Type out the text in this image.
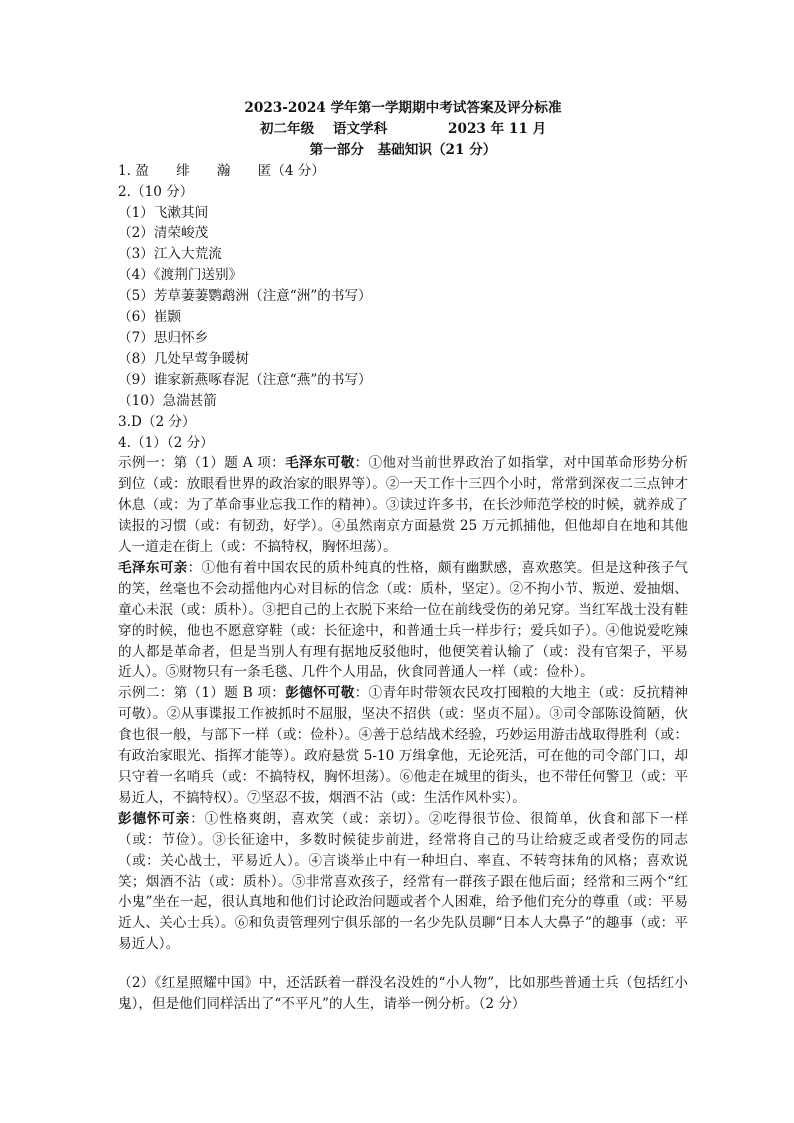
2023-2024 学年第一学期期中考试答案及评分标准
初二年级 语文学科	2023 年 11 月
第一部分　基础知识（21 分）
1. 盈　　绯　　瀚　　匿（4 分）
2.（10 分）
（1）飞漱其间
（2）清荣峻茂
（3）江入大荒流
（4）《渡荆门送别》
（5）芳草萋萋鹦鹉洲（注意“洲”的书写）
（6）崔颢
（7）思归怀乡
（8）几处早莺争暖树
（9）谁家新燕啄春泥（注意“燕”的书写）
（10）急湍甚箭
3.D（2 分）
4.（1）（2 分）
示例一：第（1）题 A 项：毛泽东可敬：①他对当前世界政治了如指掌，对中国革命形势分析到位（或：放眼看世界的政治家的眼界等）。②一天工作十三四个小时，常常到深夜二三点钟才休息（或：为了革命事业忘我工作的精神）。③读过许多书，在长沙师范学校的时候，就养成了读报的习惯（或：有韧劲，好学）。④虽然南京方面悬赏 25 万元抓捕他，但他却自在地和其他人一道走在街上（或：不搞特权，胸怀坦荡）。
毛泽东可亲：①他有着中国农民的质朴纯真的性格，颇有幽默感，喜欢憨笑。但是这种孩子气的笑，丝毫也不会动摇他内心对目标的信念（或：质朴，坚定）。②不拘小节、叛逆、爱抽烟、童心未泯（或：质朴）。③把自己的上衣脱下来给一位在前线受伤的弟兄穿。当红军战士没有鞋穿的时候，他也不愿意穿鞋（或：长征途中，和普通士兵一样步行；爱兵如子）。④他说爱吃辣的人都是革命者，但是当别人有理有据地反驳他时，他便笑着认输了（或：没有官架子，平易近人）。⑤财物只有一条毛毯、几件个人用品，伙食同普通人一样（或：俭朴）。
示例二：第（1）题 B 项：彭德怀可敬：①青年时带领农民攻打囤粮的大地主（或：反抗精神可敬）。②从事谍报工作被抓时不屈服，坚决不招供（或：坚贞不屈）。③司令部陈设简陋，伙食也很一般，与部下一样（或：俭朴）。④善于总结战术经验，巧妙运用游击战取得胜利（或：有政治家眼光、指挥才能等）。政府悬赏 5-10 万缉拿他，无论死活，可在他的司令部门口，却只守着一名哨兵（或：不搞特权，胸怀坦荡）。⑥他走在城里的街头，也不带任何警卫（或：平易近人，不搞特权）。⑦坚忍不拔，烟酒不沾（或：生活作风朴实）。
彭德怀可亲：①性格爽朗，喜欢笑（或：亲切）。②吃得很节俭、很简单，伙食和部下一样（或：节俭）。③长征途中，多数时候徒步前进，经常将自己的马让给疲乏或者受伤的同志（或：关心战士，平易近人）。④言谈举止中有一种坦白、率直、不转弯抹角的风格；喜欢说笑；烟酒不沾（或：质朴）。⑤非常喜欢孩子，经常有一群孩子跟在他后面；经常和三两个“红小鬼”坐在一起，很认真地和他们讨论政治问题或者个人困难，给予他们充分的尊重（或：平易近人、关心士兵）。⑥和负责管理列宁俱乐部的一名少先队员聊“日本人大鼻子”的趣事（或：平易近人）。
（2）《红星照耀中国》中，还活跃着一群没名没姓的“小人物”，比如那些普通士兵（包括红小鬼），但是他们同样活出了“不平凡”的人生，请举一例分析。（2 分）
